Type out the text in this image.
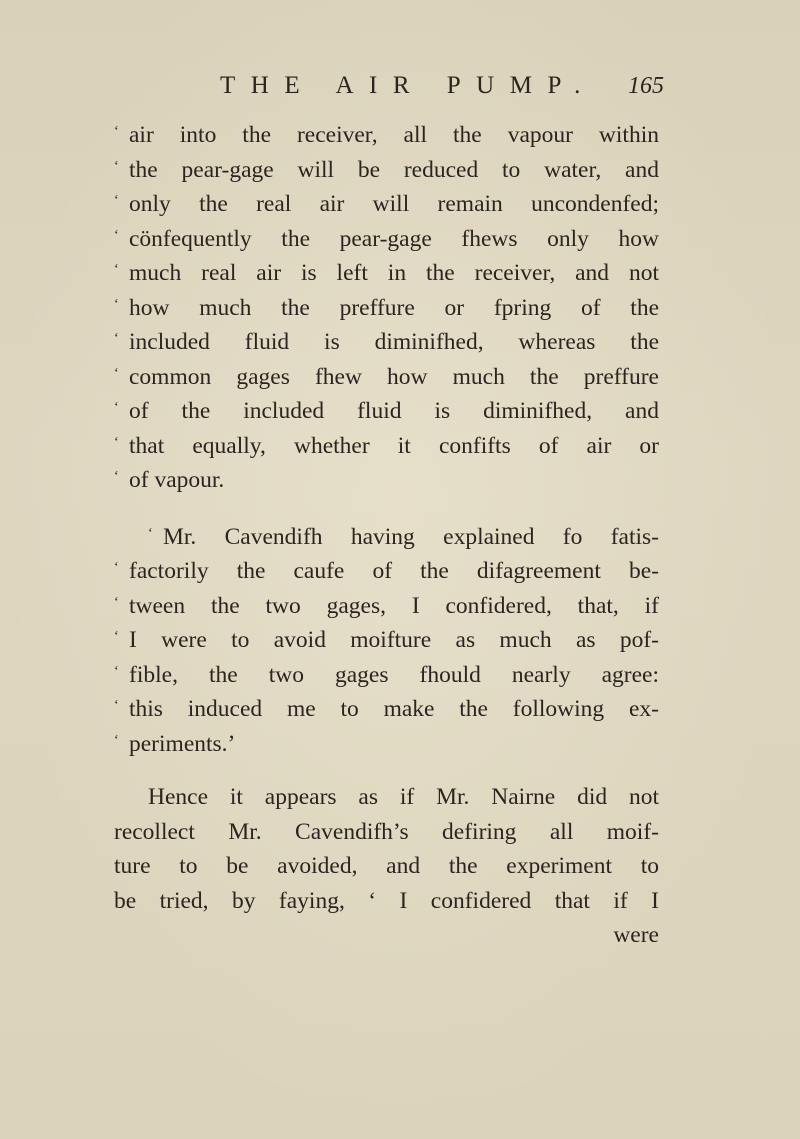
THE AIR PUMP. 165
‘ air into the receiver, all the vapour within
‘ the pear-gage will be reduced to water, and
‘ only the real air will remain uncondenfed;
‘ cönfequently the pear-gage fhews only how
‘ much real air is left in the receiver, and not
‘ how much the preffure or fpring of the
‘ included fluid is diminifhed, whereas the
‘ common gages fhew how much the preffure
‘ of the included fluid is diminifhed, and
‘ that equally, whether it confifts of air or
‘ of vapour.
‘ Mr. Cavendifh having explained fo fatis-
‘ factorily the caufe of the difagreement be-
‘ tween the two gages, I confidered, that, if
‘ I were to avoid moifture as much as pof-
‘ fible, the two gages fhould nearly agree:
‘ this induced me to make the following ex-
‘ periments.’
Hence it appears as if Mr. Nairne did not
recollect Mr. Cavendifh’s defiring all moif-
ture to be avoided, and the experiment to
be tried, by faying, ‘ I confidered that if I
were
